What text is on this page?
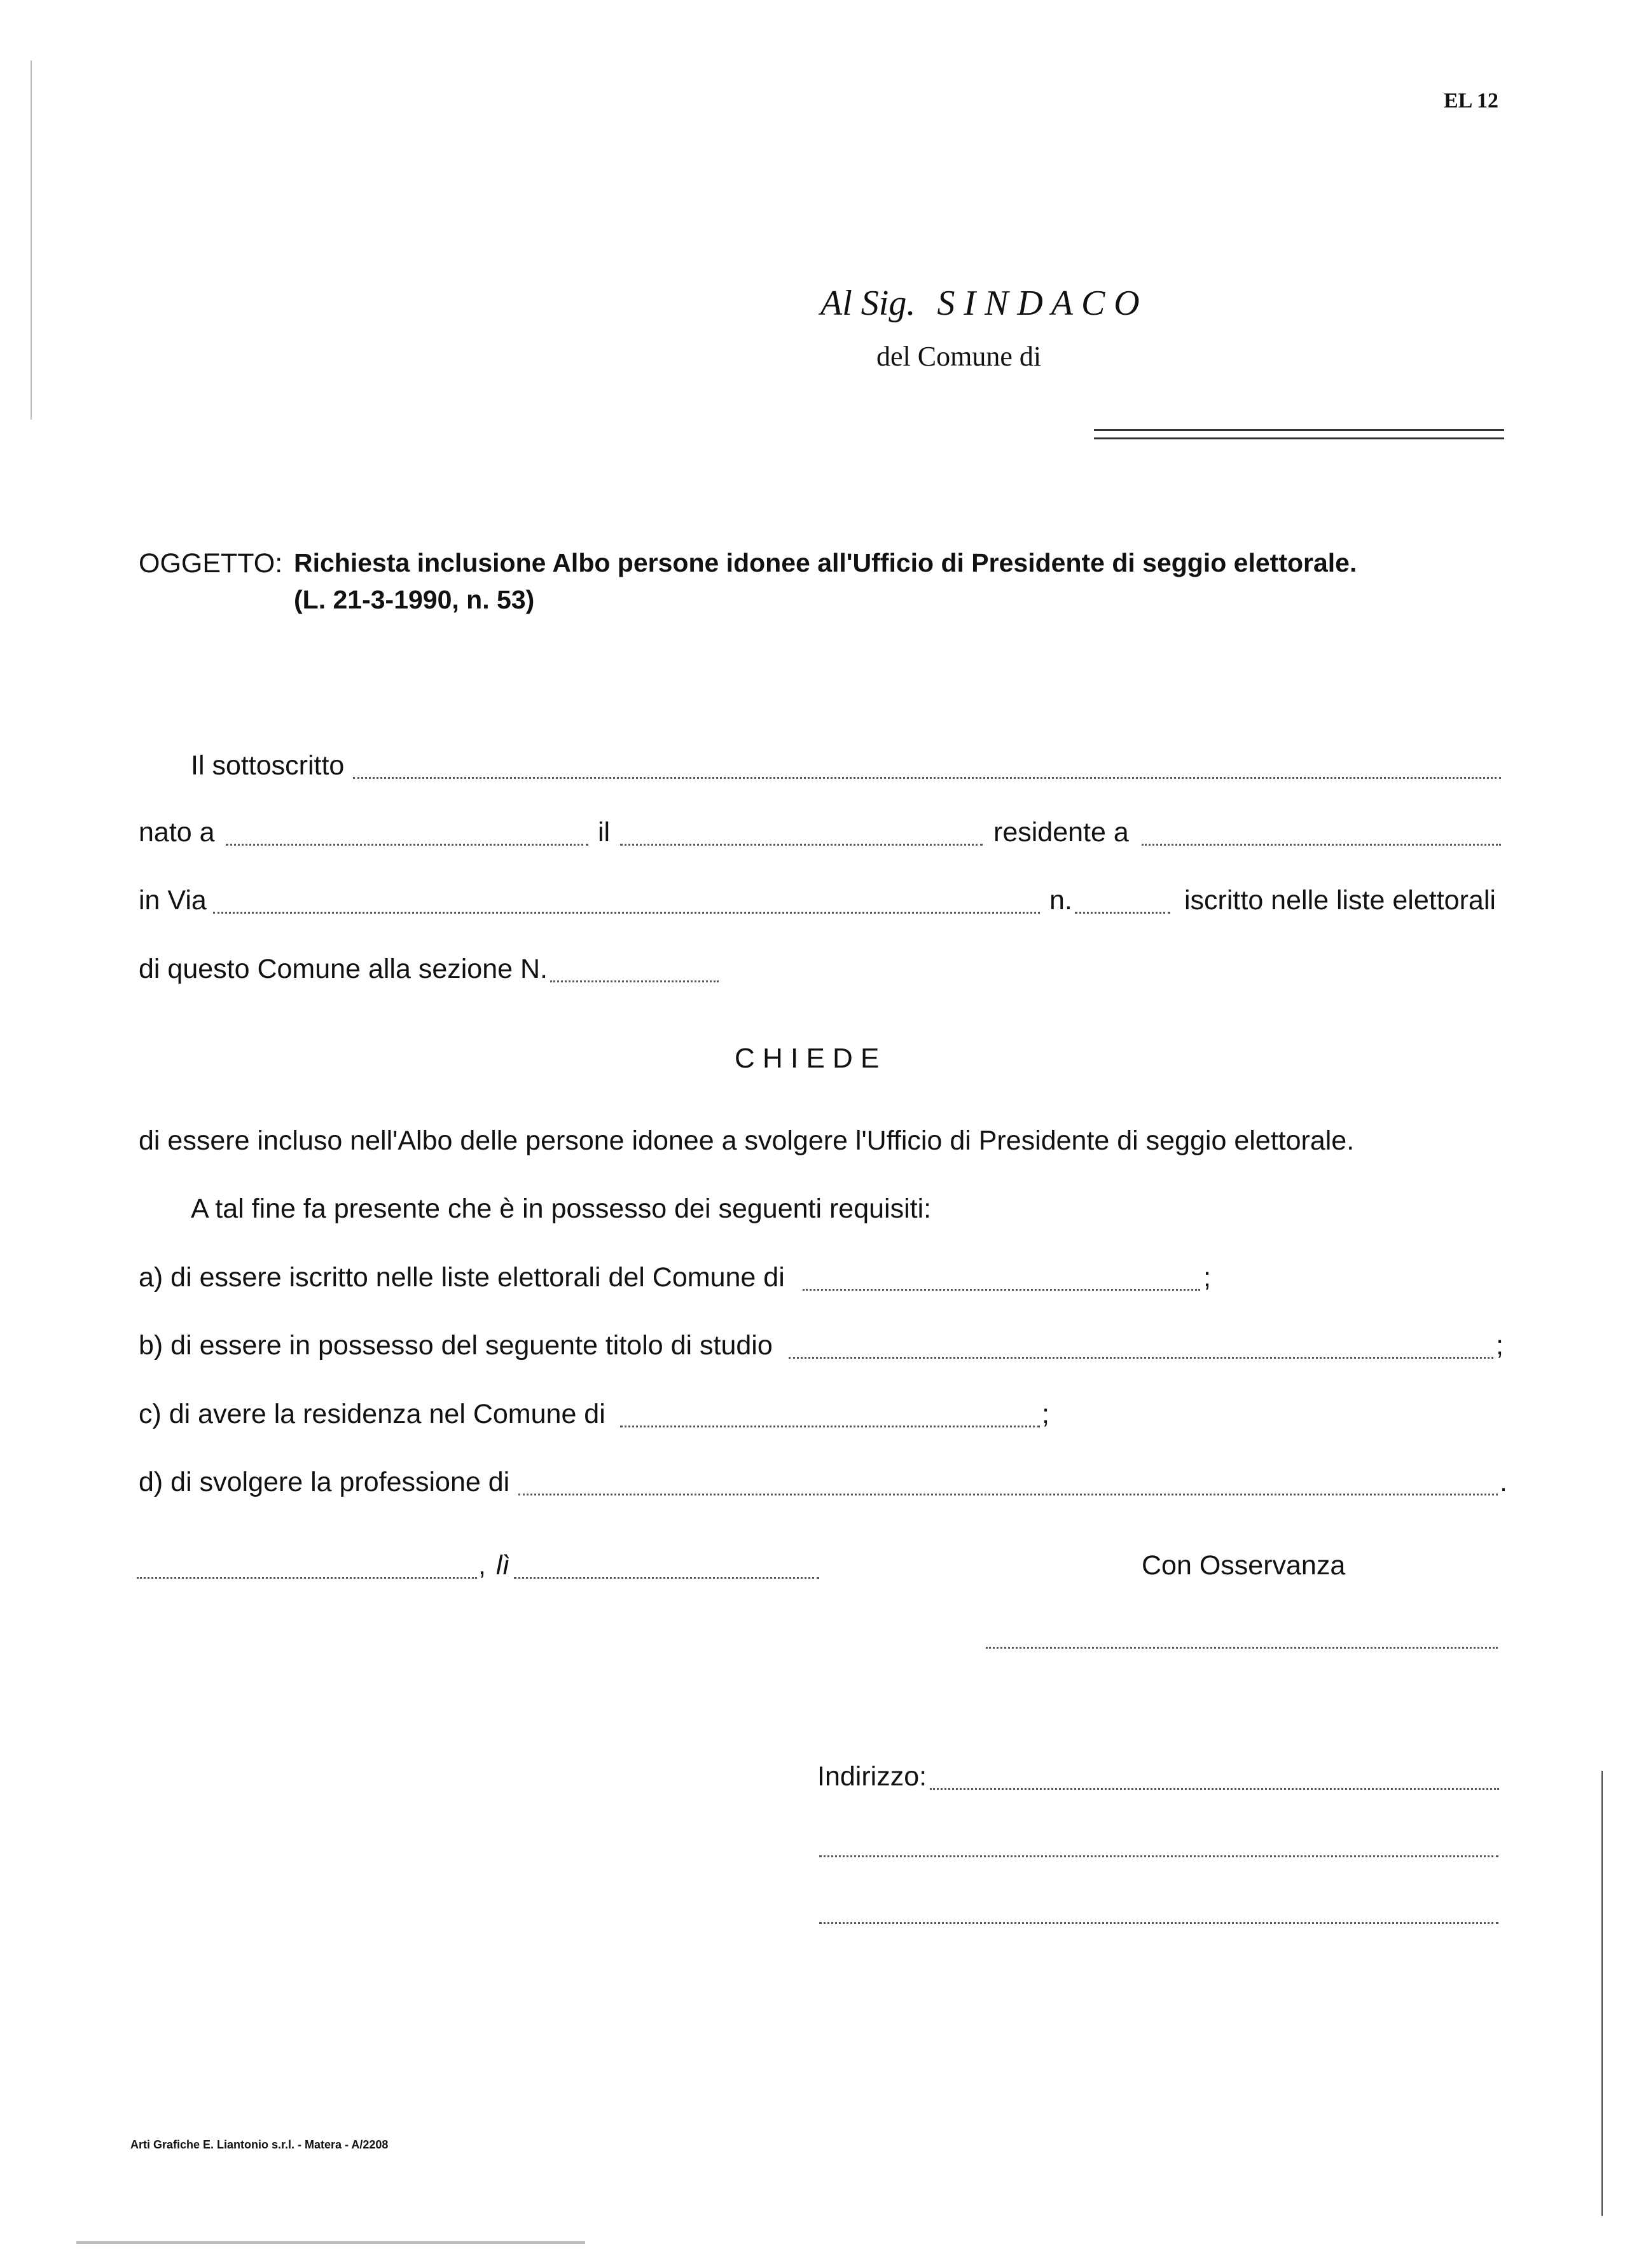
EL 12
Al Sig. S I N D A C O
del Comune di
OGGETTO: Richiesta inclusione Albo persone idonee all'Ufficio di Presidente di seggio elettorale.
(L. 21-3-1990, n. 53)
Il sottoscritto
nato a	il	residente a
in Via	n.	iscritto nelle liste elettorali
di questo Comune alla sezione N.
C H I E D E
di essere incluso nell'Albo delle persone idonee a svolgere l'Ufficio di Presidente di seggio elettorale.
A tal fine fa presente che è in possesso dei seguenti requisiti:
a) di essere iscritto nelle liste elettorali del Comune di	;
b) di essere in possesso del seguente titolo di studio	;
c) di avere la residenza nel Comune di	;
d) di svolgere la professione di	.
, lì	Con Osservanza
Indirizzo:
Arti Grafiche E. Liantonio s.r.l. - Matera - A/2208
